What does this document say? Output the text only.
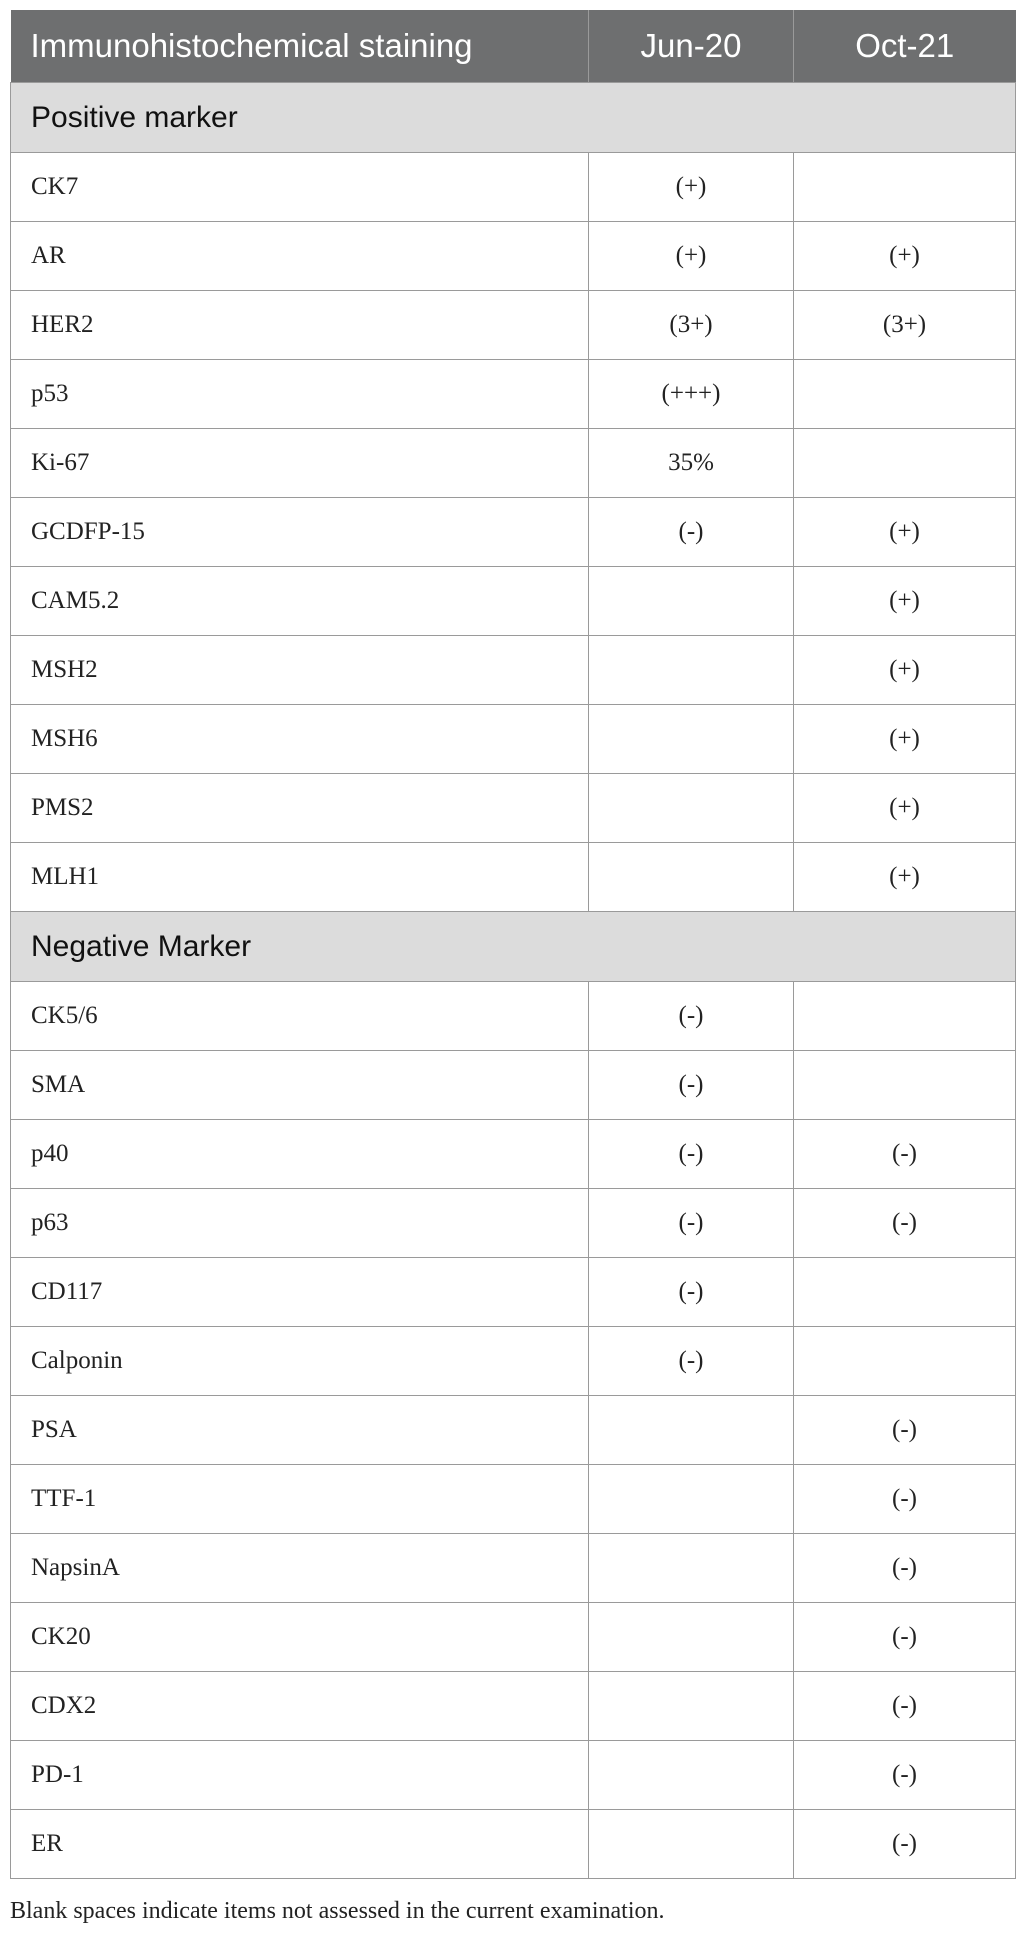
Immunohistochemical staining	Jun-20	Oct-21
Positive marker		
CK7	(+)	
AR	(+)	(+)
HER2	(3+)	(3+)
p53	(+++)	
Ki-67	35%	
GCDFP-15	(-)	(+)
CAM5.2		(+)
MSH2		(+)
MSH6		(+)
PMS2		(+)
MLH1		(+)
Negative Marker		
CK5/6	(-)	
SMA	(-)	
p40	(-)	(-)
p63	(-)	(-)
CD117	(-)	
Calponin	(-)	
PSA		(-)
TTF-1		(-)
NapsinA		(-)
CK20		(-)
CDX2		(-)
PD-1		(-)
ER		(-)
Blank spaces indicate items not assessed in the current examination.
